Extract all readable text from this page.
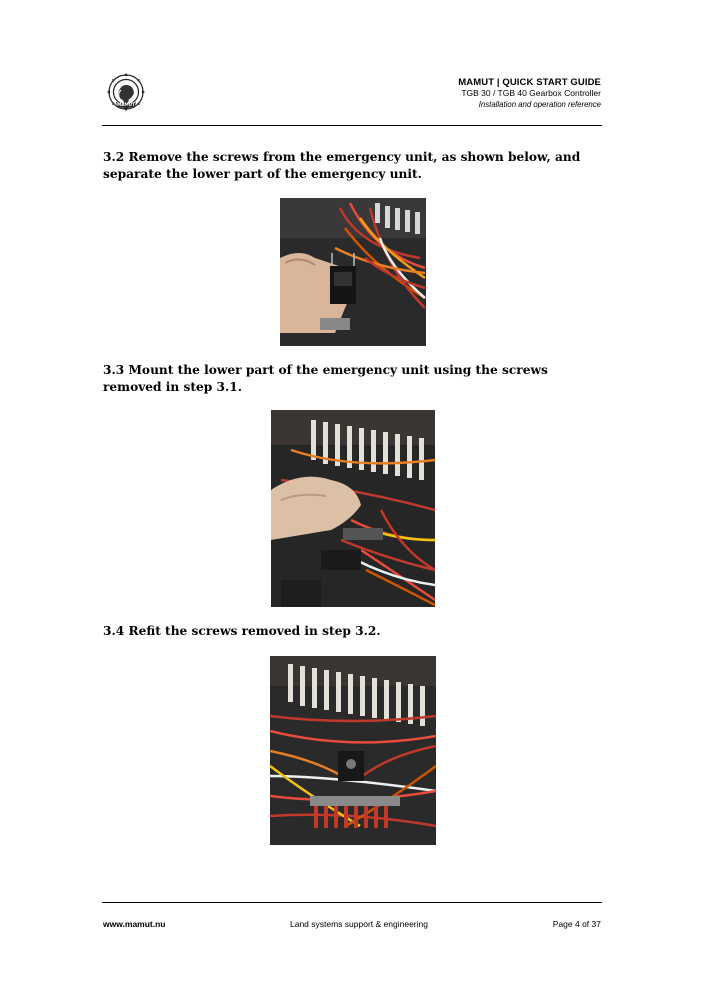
MAMUT
MAMUT | QUICK START GUIDE
TGB 30 / TGB 40 Gearbox Controller
Installation and operation reference
3.2 Remove the screws from the emergency unit, as shown below, and separate the lower part of the emergency unit.
3.3 Mount the lower part of the emergency unit using the screws removed in step 3.1.
3.4 Refit the screws removed in step 3.2.
www.mamut.nu	Land systems support & engineering	Page 4 of 37
